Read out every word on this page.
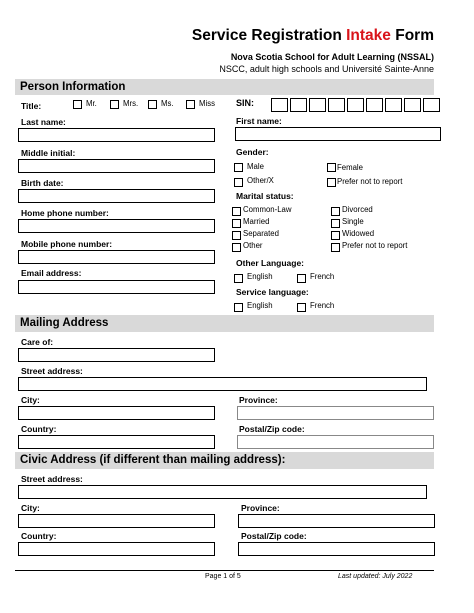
Service Registration Intake Form
Nova Scotia School for Adult Learning (NSSAL)
NSCC, adult high schools and Université Sainte-Anne
Person Information
Title:	Mr.	Mrs.	Ms.	Miss SIN:
Last name:	First name:
Middle initial:	Gender:
Male	Female
Other/X	Prefer not to report
Birth date:
Marital status:
Common-Law	Divorced
Married	Single
Separated	Widowed
Other	Prefer not to report
Home phone number:
Mobile phone number:
Other Language:
English	French
Email address:
Service language:
English	French
Mailing Address
Care of:
Street address:
City:	Province:
Country:	Postal/Zip code:
Civic Address (if different than mailing address):
Street address:
City:	Province:
Country:	Postal/Zip code:
Page 1 of 5	Last updated: July 2022
